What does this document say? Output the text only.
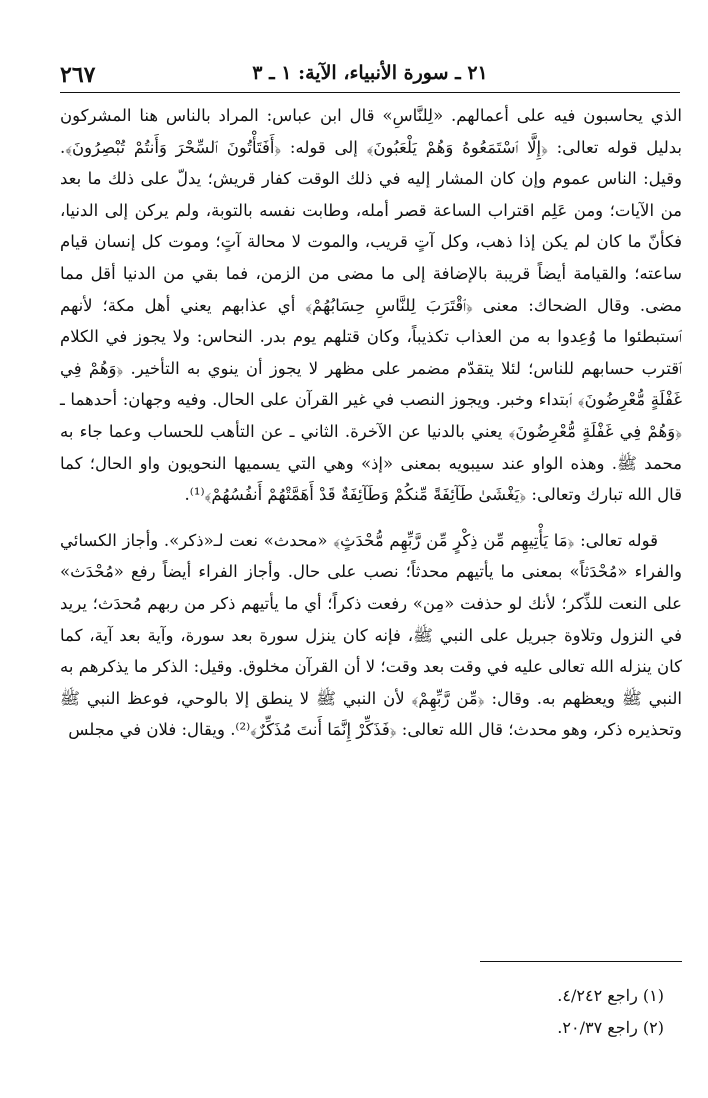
٢٦٧	٢١ ـ سورة الأنبياء، الآية: ١ ـ ٣

الذي يحاسبون فيه على أعمالهم. «لِلنَّاسِ» قال ابن عباس: المراد بالناس هنا المشركون بدليل قوله تعالى: ﴿إِلَّا ٱسْتَمَعُوهُ وَهُمْ يَلْعَبُونَ﴾ إلى قوله: ﴿أَفَتَأْتُونَ ٱلسِّحْرَ وَأَنتُمْ تُبْصِرُونَ﴾. وقيل: الناس عموم وإن كان المشار إليه في ذلك الوقت كفار قريش؛ يدلّ على ذلك ما بعد من الآيات؛ ومن عَلِم اقتراب الساعة قصر أمله، وطابت نفسه بالتوبة، ولم يركن إلى الدنيا، فكأنّ ما كان لم يكن إذا ذهب، وكل آتٍ قريب، والموت لا محالة آتٍ؛ وموت كل إنسان قيام ساعته؛ والقيامة أيضاً قريبة بالإضافة إلى ما مضى من الزمن، فما بقي من الدنيا أقل مما مضى. وقال الضحاك: معنى ﴿ٱقْتَرَبَ لِلنَّاسِ حِسَابُهُمْ﴾ أي عذابهم يعني أهل مكة؛ لأنهم ٱستبطئوا ما وُعِدوا به من العذاب تكذيباً، وكان قتلهم يوم بدر. النحاس: ولا يجوز في الكلام ٱقترب حسابهم للناس؛ لئلا يتقدّم مضمر على مظهر لا يجوز أن ينوي به التأخير. ﴿وَهُمْ فِي غَفْلَةٍ مُّعْرِضُونَ﴾ ٱبتداء وخبر. ويجوز النصب في غير القرآن على الحال. وفيه وجهان: أحدهما ـ ﴿وَهُمْ فِي غَفْلَةٍ مُّعْرِضُونَ﴾ يعني بالدنيا عن الآخرة. الثاني ـ عن التأهب للحساب وعما جاء به محمد ﷺ. وهذه الواو عند سيبويه بمعنى «إذ» وهي التي يسميها النحويون واو الحال؛ كما قال الله تبارك وتعالى: ﴿يَغْشَىٰ طَآئِفَةً مِّنكُمْ وَطَآئِفَةٌ قَدْ أَهَمَّتْهُمْ أَنفُسُهُمْ﴾⁽¹⁾.

قوله تعالى: ﴿مَا يَأْتِيهِم مِّن ذِكْرٍ مِّن رَّبِّهِم مُّحْدَثٍ﴾ «محدث» نعت لـ«ذكر». وأجاز الكسائي والفراء «مُحْدَثاً» بمعنى ما يأتيهم محدثاً؛ نصب على حال. وأجاز الفراء أيضاً رفع «مُحْدَث» على النعت للذِّكر؛ لأنك لو حذفت «مِن» رفعت ذكراً؛ أي ما يأتيهم ذكر من ربهم مُحدَث؛ يريد في النزول وتلاوة جبريل على النبي ﷺ، فإنه كان ينزل سورة بعد سورة، وآية بعد آية، كما كان ينزله الله تعالى عليه في وقت بعد وقت؛ لا أن القرآن مخلوق. وقيل: الذكر ما يذكرهم به النبي ﷺ ويعظهم به. وقال: ﴿مِّن رَّبِّهِمْ﴾ لأن النبي ﷺ لا ينطق إلا بالوحي، فوعظ النبي ﷺ وتحذيره ذكر، وهو محدث؛ قال الله تعالى: ﴿فَذَكِّرْ إِنَّمَا أَنتَ مُذَكِّرٌ﴾⁽²⁾. ويقال: فلان في مجلس

(١) راجع ٤/٢٤٢.
(٢) راجع ٢٠/٣٧.
